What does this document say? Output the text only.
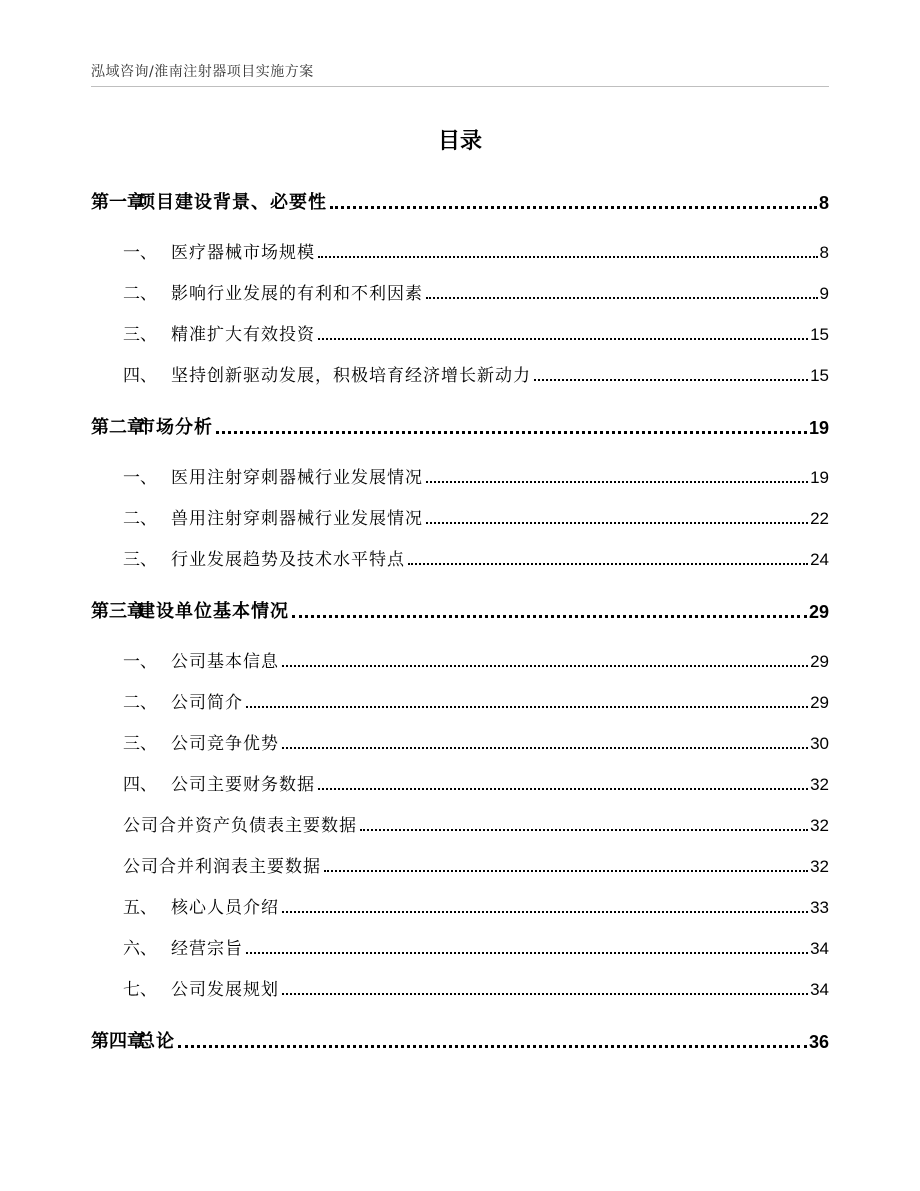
泓域咨询/淮南注射器项目实施方案
目录
第一章项目建设背景、必要性	8
一、 医疗器械市场规模	8
二、 影响行业发展的有利和不利因素	9
三、 精准扩大有效投资	15
四、 坚持创新驱动发展，积极培育经济增长新动力	15
第二章市场分析	19
一、 医用注射穿刺器械行业发展情况	19
二、 兽用注射穿刺器械行业发展情况	22
三、 行业发展趋势及技术水平特点	24
第三章建设单位基本情况	29
一、 公司基本信息	29
二、 公司简介	29
三、 公司竞争优势	30
四、 公司主要财务数据	32
公司合并资产负债表主要数据	32
公司合并利润表主要数据	32
五、 核心人员介绍	33
六、 经营宗旨	34
七、 公司发展规划	34
第四章总论	36
